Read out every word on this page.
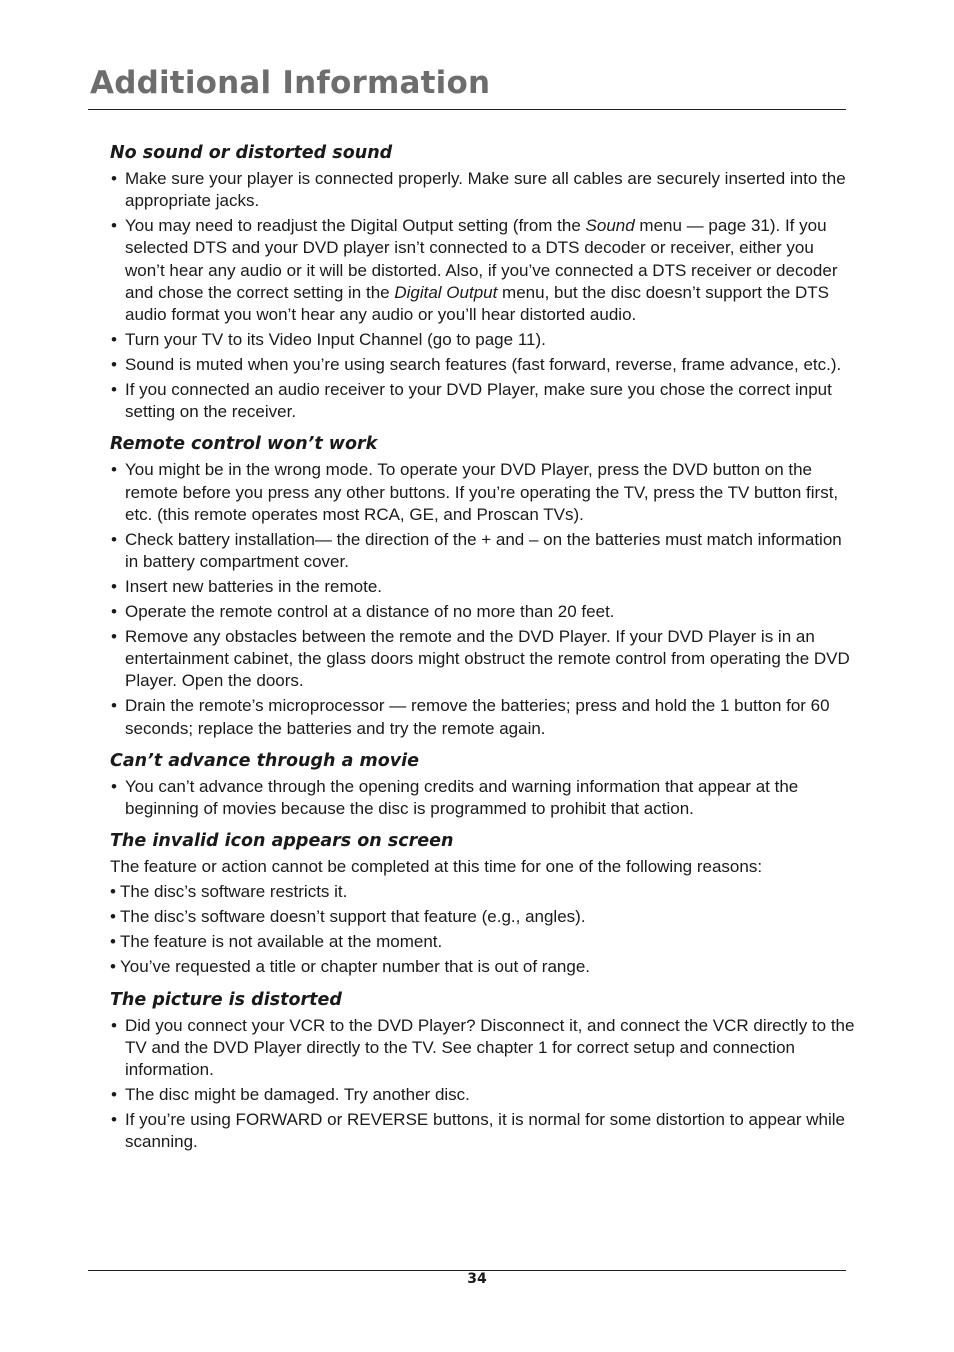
Additional Information
No sound or distorted sound
• Make sure your player is connected properly. Make sure all cables are securely inserted into the appropriate jacks.
• You may need to readjust the Digital Output setting (from the Sound menu — page 31). If you selected DTS and your DVD player isn’t connected to a DTS decoder or receiver, either you won’t hear any audio or it will be distorted. Also, if you’ve connected a DTS receiver or decoder and chose the correct setting in the Digital Output menu, but the disc doesn’t support the DTS audio format you won’t hear any audio or you’ll hear distorted audio.
• Turn your TV to its Video Input Channel (go to page 11).
• Sound is muted when you’re using search features (fast forward, reverse, frame advance, etc.).
• If you connected an audio receiver to your DVD Player, make sure you chose the correct input setting on the receiver.
Remote control won’t work
• You might be in the wrong mode. To operate your DVD Player, press the DVD button on the remote before you press any other buttons. If you’re operating the TV, press the TV button first, etc. (this remote operates most RCA, GE, and Proscan TVs).
• Check battery installation— the direction of the + and – on the batteries must match information in battery compartment cover.
• Insert new batteries in the remote.
• Operate the remote control at a distance of no more than 20 feet.
• Remove any obstacles between the remote and the DVD Player. If your DVD Player is in an entertainment cabinet, the glass doors might obstruct the remote control from operating the DVD Player. Open the doors.
• Drain the remote’s microprocessor — remove the batteries; press and hold the 1 button for 60 seconds; replace the batteries and try the remote again.
Can’t advance through a movie
• You can’t advance through the opening credits and warning information that appear at the beginning of movies because the disc is programmed to prohibit that action.
The invalid icon appears on screen

The feature or action cannot be completed at this time for one of the following reasons:

• The disc’s software restricts it.
• The disc’s software doesn’t support that feature (e.g., angles).
• The feature is not available at the moment.
• You’ve requested a title or chapter number that is out of range.
The picture is distorted
• Did you connect your VCR to the DVD Player? Disconnect it, and connect the VCR directly to the TV and the DVD Player directly to the TV. See chapter 1 for correct setup and connection information.
• The disc might be damaged. Try another disc.
• If you’re using FORWARD or REVERSE buttons, it is normal for some distortion to appear while scanning.
34
